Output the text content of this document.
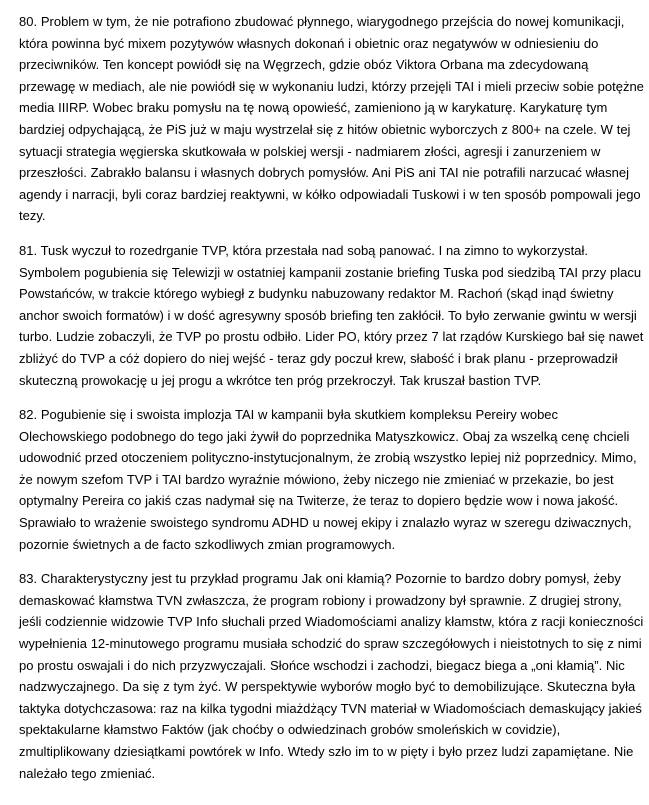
80. Problem w tym, że nie potrafiono zbudować płynnego, wiarygodnego przejścia do nowej komunikacji, która powinna być mixem pozytywów własnych dokonań i obietnic oraz negatywów w odniesieniu do przeciwników. Ten koncept powiódł się na Węgrzech, gdzie obóz Viktora Orbana ma zdecydowaną przewagę w mediach, ale nie powiódł się w wykonaniu ludzi, którzy przejęli TAI i mieli przeciw sobie potężne media IIIRP. Wobec braku pomysłu na tę nową opowieść, zamieniono ją w karykaturę. Karykaturę tym bardziej odpychającą, że PiS już w maju wystrzelał się z hitów obietnic wyborczych z 800+ na czele. W tej sytuacji strategia węgierska skutkowała w polskiej wersji - nadmiarem złości, agresji i zanurzeniem w przeszłości. Zabrakło balansu i własnych dobrych pomysłów. Ani PiS ani TAI nie potrafili narzucać własnej agendy i narracji, byli coraz bardziej reaktywni, w kółko odpowiadali Tuskowi i w ten sposób pompowali jego tezy.

81. Tusk wyczuł to rozedrganie TVP, która przestała nad sobą panować. I na zimno to wykorzystał. Symbolem pogubienia się Telewizji w ostatniej kampanii zostanie briefing Tuska pod siedzibą TAI przy placu Powstańców, w trakcie którego wybiegł z budynku nabuzowany redaktor M. Rachoń (skąd inąd świetny anchor swoich formatów) i w dość agresywny sposób briefing ten zakłócił. To było zerwanie gwintu w wersji turbo. Ludzie zobaczyli, że TVP po prostu odbiło. Lider PO, który przez 7 lat rządów Kurskiego bał się nawet zbliżyć do TVP a cóż dopiero do niej wejść - teraz gdy poczuł krew, słabość i brak planu - przeprowadził skuteczną prowokację u jej progu a wkrótce ten próg przekroczył. Tak kruszał bastion TVP.

82. Pogubienie się i swoista implozja TAI w kampanii była skutkiem kompleksu Pereiry wobec Olechowskiego podobnego do tego jaki żywił do poprzednika Matyszkowicz. Obaj za wszelką cenę chcieli udowodnić przed otoczeniem polityczno-instytucjonalnym, że zrobią wszystko lepiej niż poprzednicy. Mimo, że nowym szefom TVP i TAI bardzo wyraźnie mówiono, żeby niczego nie zmieniać w przekazie, bo jest optymalny Pereira co jakiś czas nadymał się na Twiterze, że teraz to dopiero będzie wow i nowa jakość. Sprawiało to wrażenie swoistego syndromu ADHD u nowej ekipy i znalazło wyraz w szeregu dziwacznych, pozornie świetnych a de facto szkodliwych zmian programowych.

83. Charakterystyczny jest tu przykład programu Jak oni kłamią? Pozornie to bardzo dobry pomysł, żeby demaskować kłamstwa TVN zwłaszcza, że program robiony i prowadzony był sprawnie. Z drugiej strony, jeśli codziennie widzowie TVP Info słuchali przed Wiadomościami analizy kłamstw, która z racji konieczności wypełnienia 12-minutowego programu musiała schodzić do spraw szczegółowych i nieistotnych to się z nimi po prostu oswajali i do nich przyzwyczajali. Słońce wschodzi i zachodzi, biegacz biega a „oni kłamią”. Nic nadzwyczajnego. Da się z tym żyć. W perspektywie wyborów mogło być to demobilizujące. Skuteczna była taktyka dotychczasowa: raz na kilka tygodni miażdżący TVN materiał w Wiadomościach demaskujący jakieś spektakularne kłamstwo Faktów (jak choćby o odwiedzinach grobów smoleńskich w covidzie), zmultiplikowany dziesiątkami powtórek w Info. Wtedy szło im to w pięty i było przez ludzi zapamiętane. Nie należało tego zmieniać.
